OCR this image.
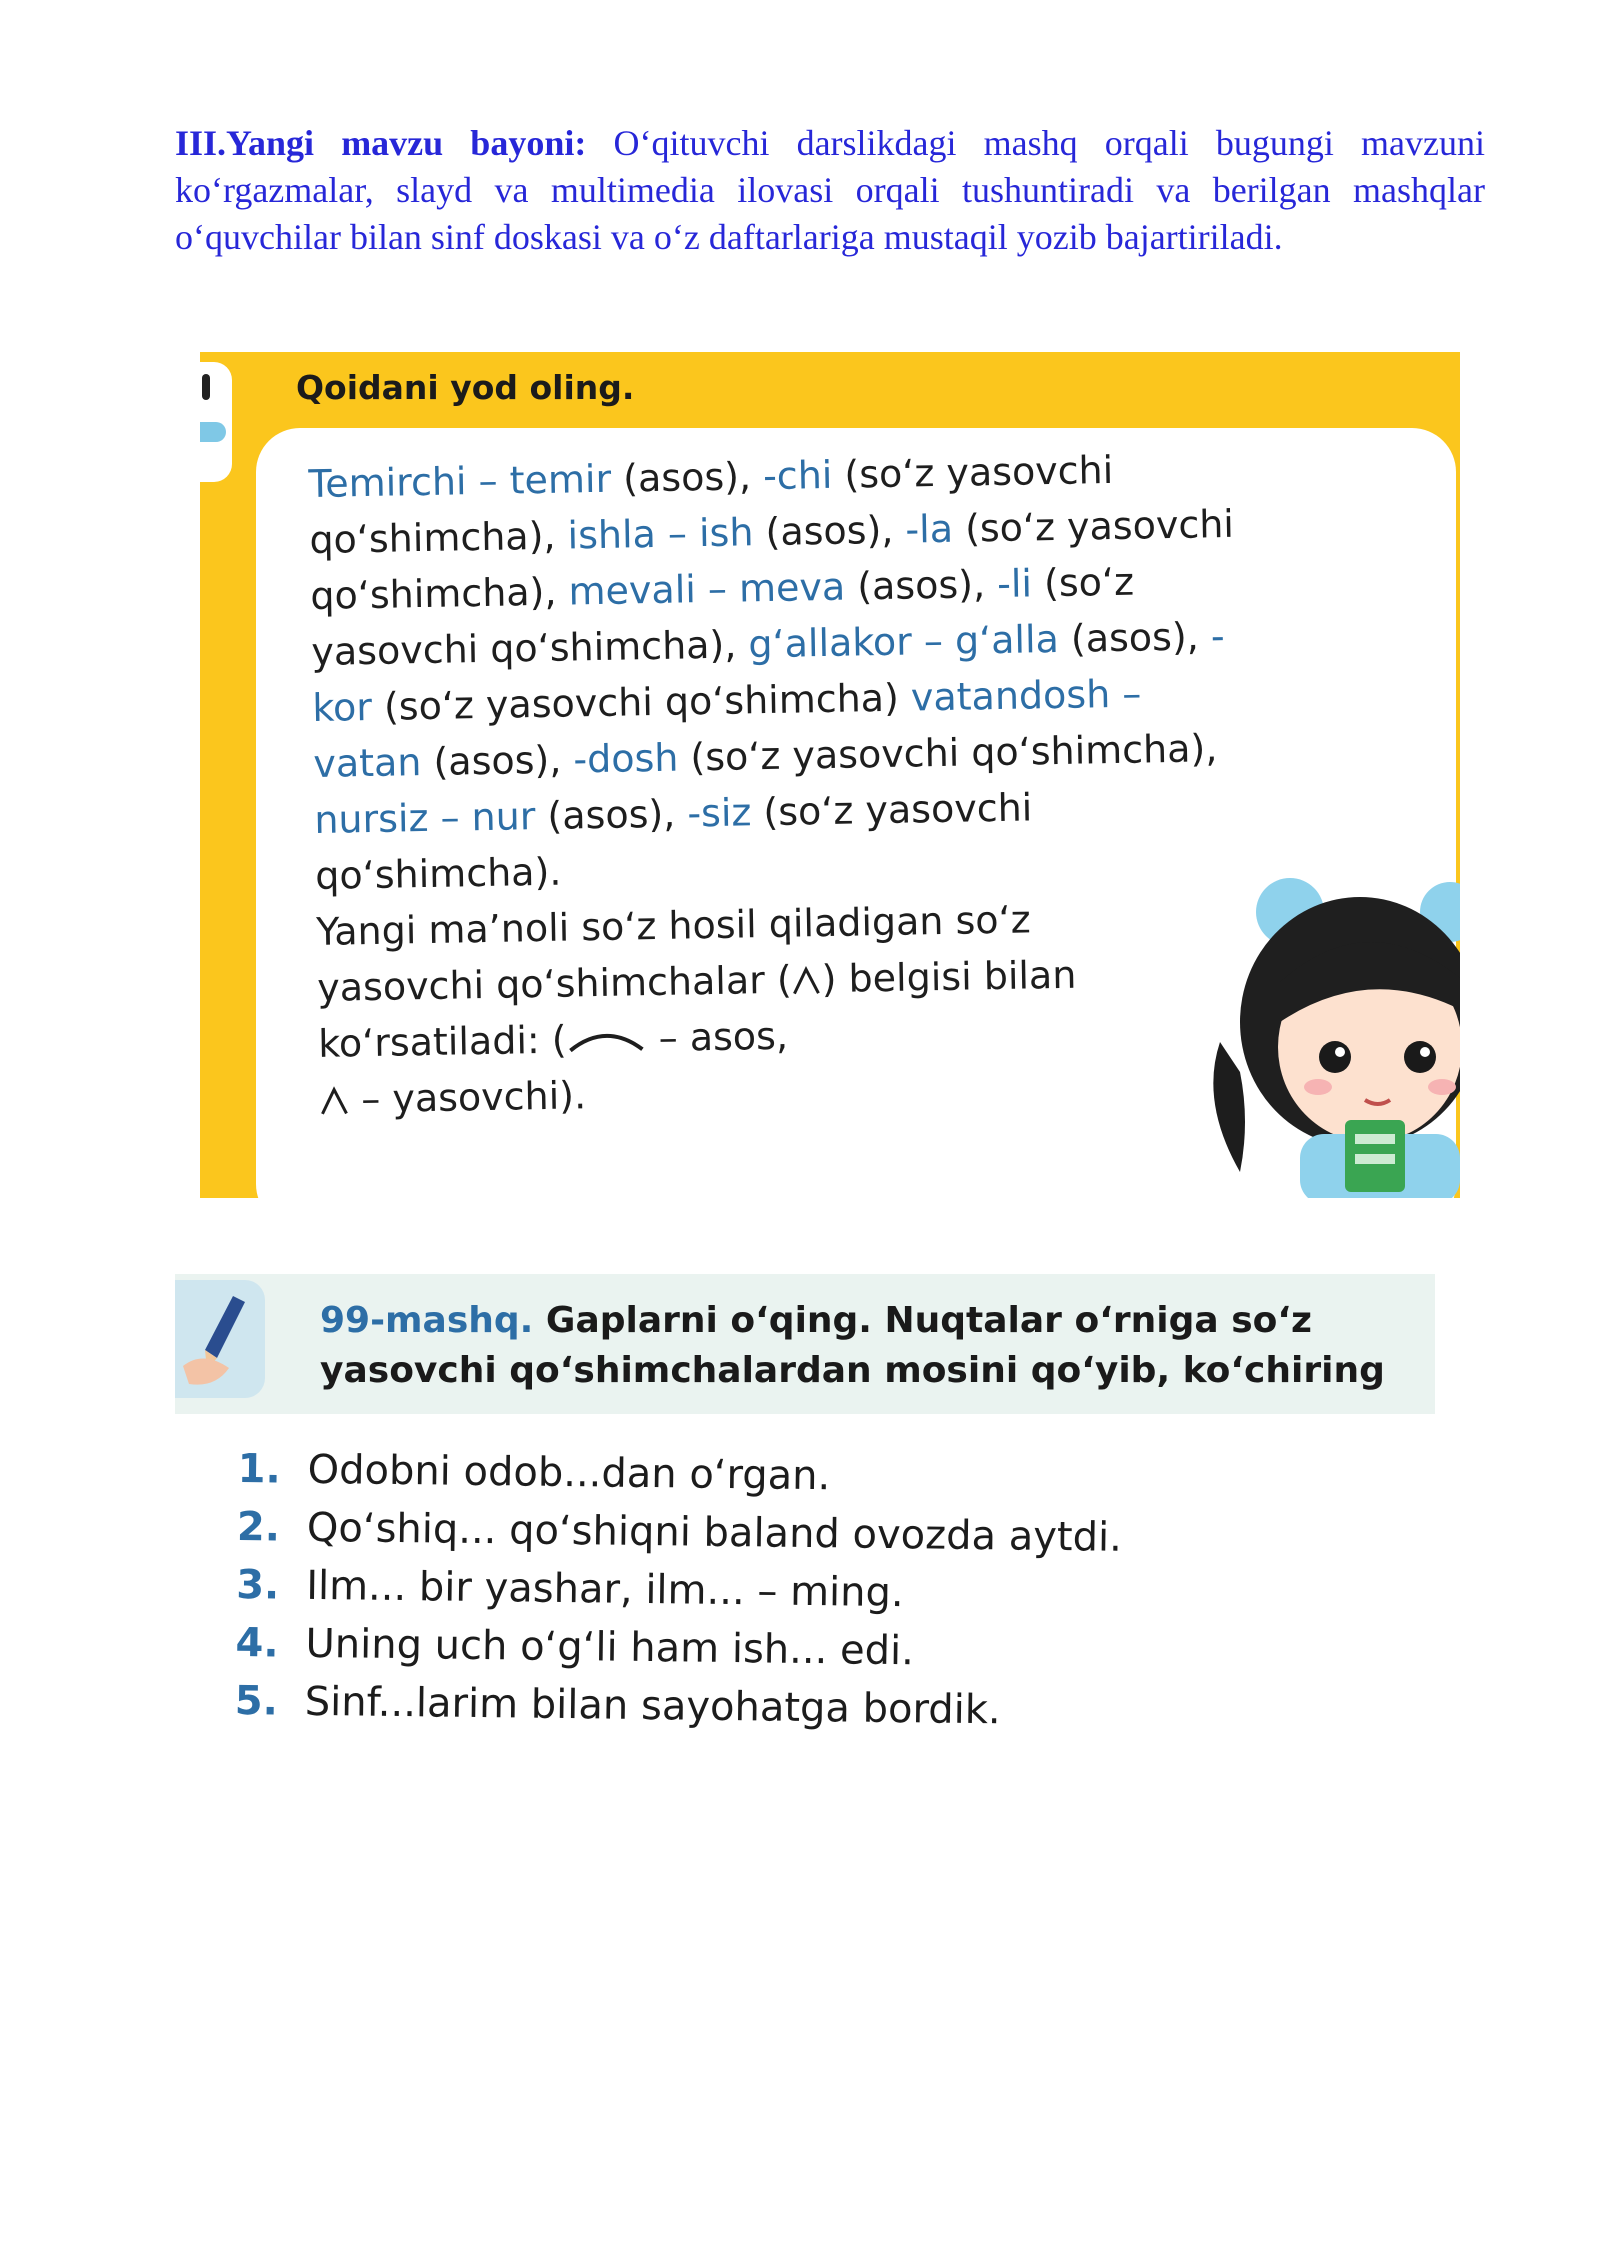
III.Yangi mavzu bayoni: O‘qituvchi darslikdagi mashq orqali bugungi mavzuni ko‘rgazmalar, slayd va multimedia ilovasi orqali tushuntiradi va berilgan mashqlar o‘quvchilar bilan sinf doskasi va o‘z daftarlariga mustaqil yozib bajartiriladi.
Qoidani yod oling.

Temirchi – temir (asos), -chi (so‘z yasovchi qo‘shimcha), ishla – ish (asos), -la (so‘z yasovchi qo‘shimcha), mevali – meva (asos), -li (so‘z yasovchi qo‘shimcha), g‘allakor – g‘alla (asos), -kor (so‘z yasovchi qo‘shimcha) vatandosh – vatan (asos), -dosh (so‘z yasovchi qo‘shimcha), nursiz – nur (asos), -siz (so‘z yasovchi qo‘shimcha).

Yangi ma’noli so‘z hosil qiladigan so‘z yasovchi qo‘shimchalar ( ) belgisi bilan ko‘rsatiladi: ( – asos,
– yasovchi).

99-mashq. Gaplarni o‘qing. Nuqtalar o‘rniga so‘z yasovchi qo‘shimchalardan mosini qo‘yib, ko‘chiring
1. Odobni odob...dan o‘rgan.
2. Qo‘shiq... qo‘shiqni baland ovozda aytdi.
3. Ilm... bir yashar, ilm... – ming.
4. Uning uch o‘g‘li ham ish... edi.
5. Sinf...larim bilan sayohatga bordik.
